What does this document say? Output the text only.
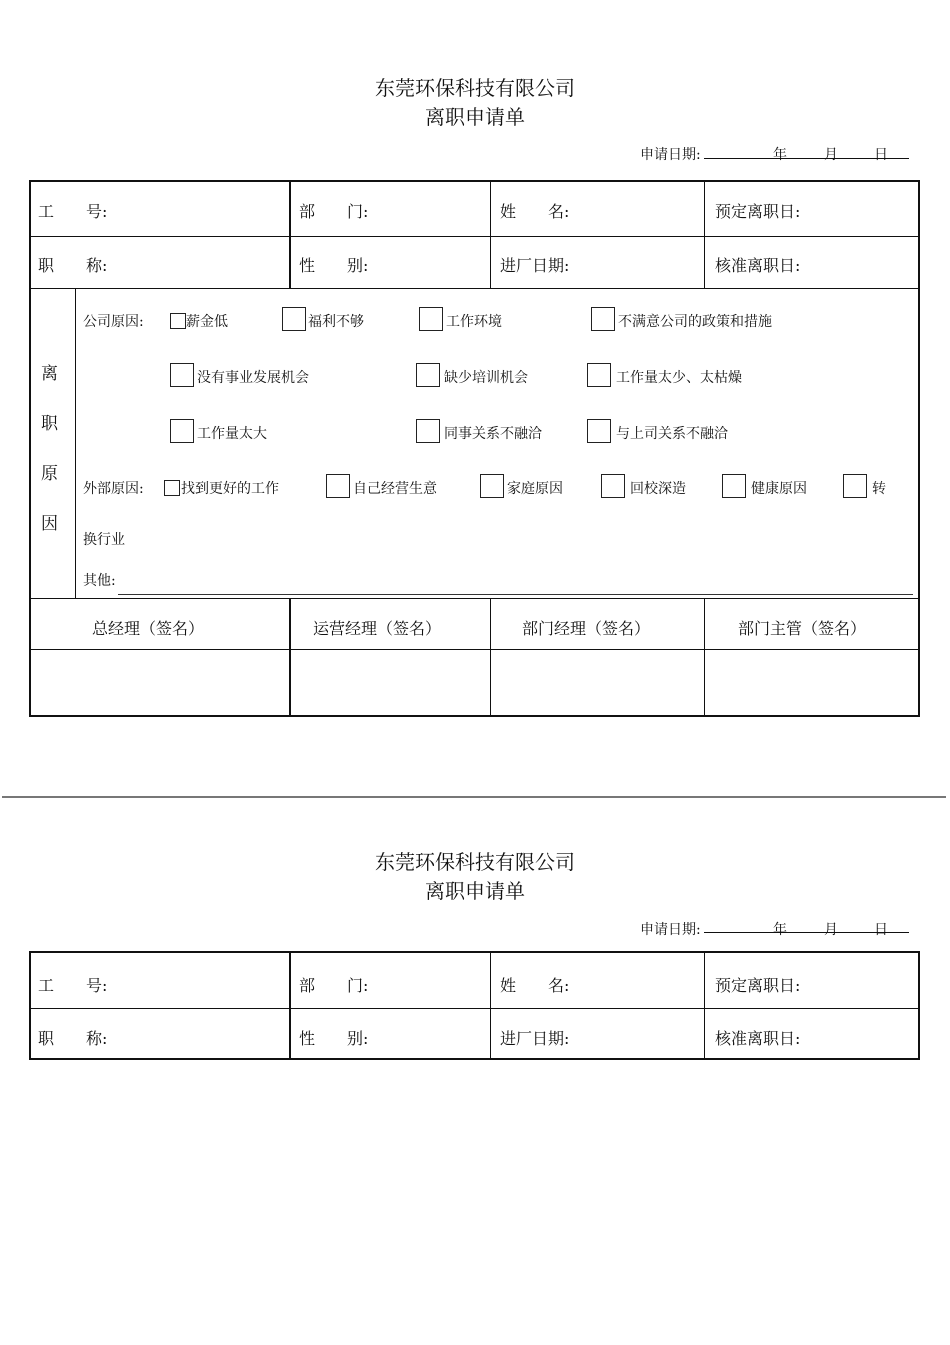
东莞环保科技有限公司
离职申请单
申请日期:	年	月	日
工　　号:	部　　门:	姓　　名:	预定离职日:
职　　称:	性　　别:	进厂日期:	核准离职日:
离
职
原
因
公司原因:	薪金低	福利不够	工作环境	不满意公司的政策和措施
没有事业发展机会	缺少培训机会	工作量太少、太枯燥
工作量太大	同事关系不融洽	与上司关系不融洽
外部原因:	找到更好的工作	自己经营生意	家庭原因	回校深造	健康原因	转
换行业
其他:
总经理（签名）	运营经理（签名）	部门经理（签名）	部门主管（签名）
东莞环保科技有限公司
离职申请单
申请日期:	年	月	日
工　　号:	部　　门:	姓　　名:	预定离职日:
职　　称:	性　　别:	进厂日期:	核准离职日:
